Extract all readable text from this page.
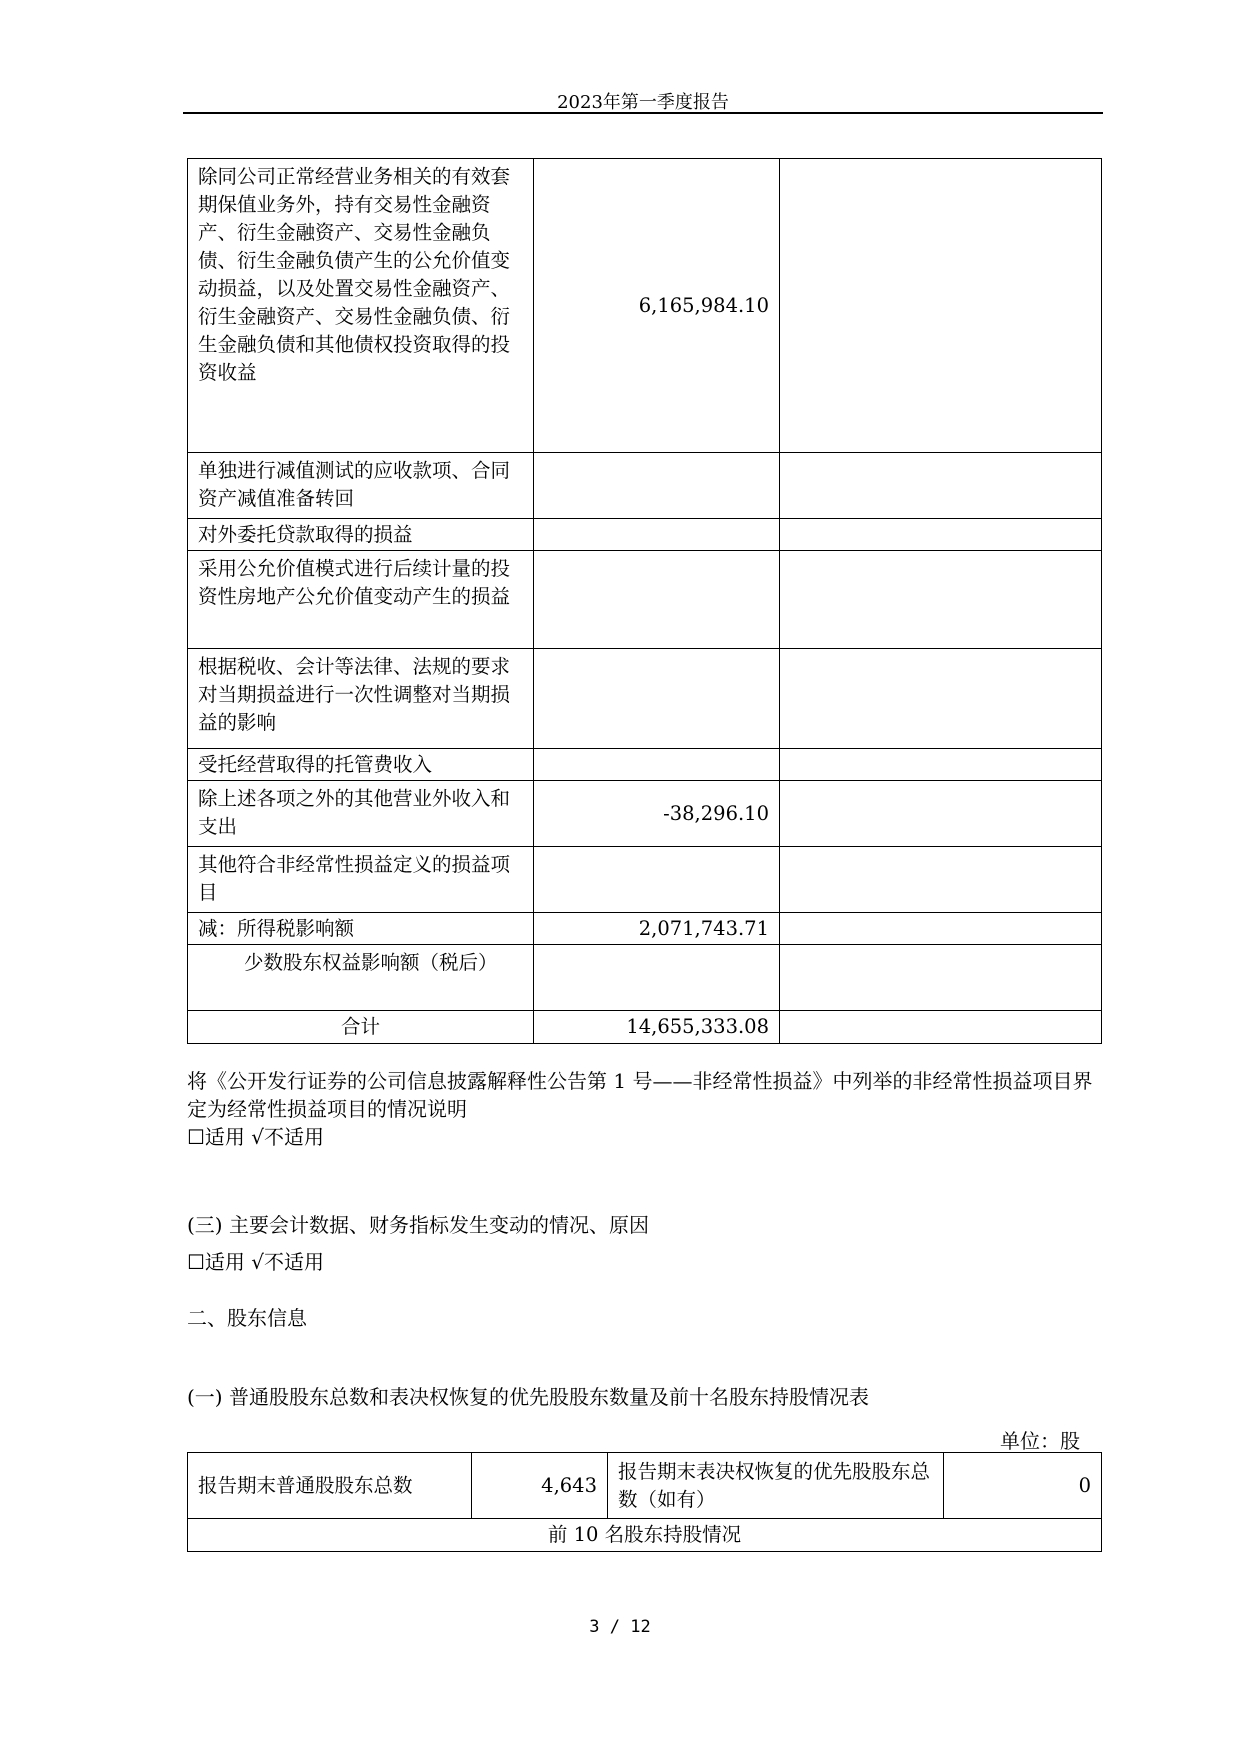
2023年第一季度报告
除同公司正常经营业务相关的有效套期保值业务外，持有交易性金融资产、衍生金融资产、交易性金融负债、衍生金融负债产生的公允价值变动损益，以及处置交易性金融资产、衍生金融资产、交易性金融负债、衍生金融负债和其他债权投资取得的投资收益	6,165,984.10	
单独进行减值测试的应收款项、合同资产减值准备转回		
对外委托贷款取得的损益		
采用公允价值模式进行后续计量的投资性房地产公允价值变动产生的损益		
根据税收、会计等法律、法规的要求对当期损益进行一次性调整对当期损益的影响		
受托经营取得的托管费收入		
除上述各项之外的其他营业外收入和支出	-38,296.10	
其他符合非经常性损益定义的损益项目		
减：所得税影响额	2,071,743.71	
少数股东权益影响额（税后）		
合计	14,655,333.08	
将《公开发行证券的公司信息披露解释性公告第 1 号——非经常性损益》中列举的非经常性损益项目界定为经常性损益项目的情况说明
☐适用 √不适用
(三) 主要会计数据、财务指标发生变动的情况、原因
☐适用 √不适用
二、股东信息
(一) 普通股股东总数和表决权恢复的优先股股东数量及前十名股东持股情况表
单位：股
报告期末普通股股东总数	4,643	报告期末表决权恢复的优先股股东总数（如有）	0
前 10 名股东持股情况
3 / 12
